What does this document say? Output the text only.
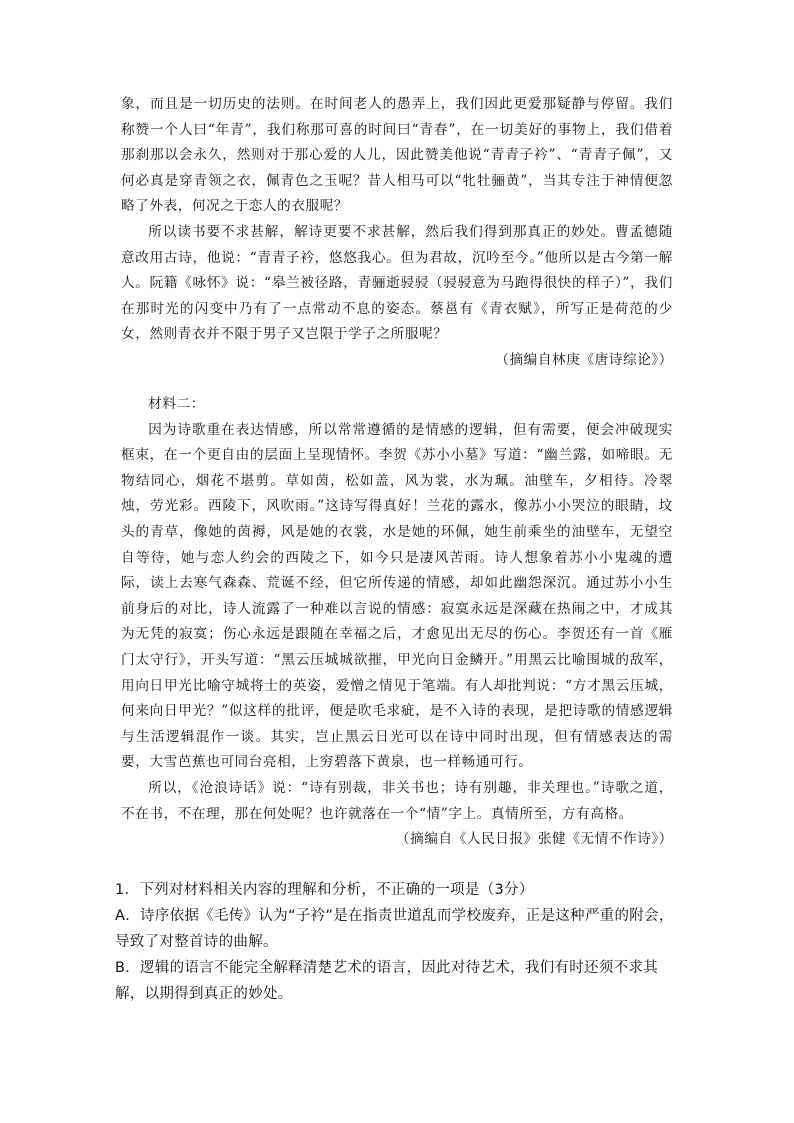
象，而且是一切历史的法则。在时间老人的愚弄上，我们因此更爱那疑静与停留。我们称赞一个人曰“年青”，我们称那可喜的时间曰“青春”，在一切美好的事物上，我们借着那刹那以会永久，然则对于那心爱的人儿，因此赞美他说“青青子衿”、“青青子佩”，又何必真是穿青领之衣，佩青色之玉呢？昔人相马可以“牝牡骊黄”，当其专注于神情便忽略了外表，何况之于恋人的衣服呢？

所以读书要不求甚解，解诗更要不求甚解，然后我们得到那真正的妙处。曹孟德随意改用古诗，他说：“青青子衿，悠悠我心。但为君故，沉吟至今。”他所以是古今第一解人。阮籍《咏怀》说：“皋兰被径路，青骊逝骎骎（骎骎意为马跑得很快的样子）”，我们在那时光的闪变中乃有了一点常动不息的姿态。蔡邕有《青衣赋》，所写正是荷范的少女，然则青衣并不限于男子又岂限于学子之所服呢？

（摘编自林庚《唐诗综论》）

材料二：

因为诗歌重在表达情感，所以常常遵循的是情感的逻辑，但有需要，便会冲破现实框束，在一个更自由的层面上呈现情怀。李贺《苏小小墓》写道：“幽兰露，如啼眼。无物结同心，烟花不堪剪。草如茵，松如盖，风为裳，水为珮。油壁车，夕相待。冷翠烛，劳光彩。西陵下，风吹雨。”这诗写得真好！兰花的露水，像苏小小哭泣的眼睛，坟头的青草，像她的茵褥，风是她的衣裳，水是她的环佩，她生前乘坐的油壁车，无望空自等待，她与恋人约会的西陵之下，如今只是凄风苦雨。诗人想象着苏小小鬼魂的遭际，读上去寒气森森、荒诞不经，但它所传递的情感，却如此幽怨深沉。通过苏小小生前身后的对比，诗人流露了一种难以言说的情感：寂寞永远是深藏在热闹之中，才成其为无凭的寂寞；伤心永远是跟随在幸福之后，才愈见出无尽的伤心。李贺还有一首《雁门太守行》，开头写道：“黑云压城城欲摧，甲光向日金鳞开。”用黑云比喻围城的敌军，用向日甲光比喻守城将士的英姿，爱憎之情见于笔端。有人却批判说：“方才黑云压城，何来向日甲光？”似这样的批评，便是吹毛求疵，是不入诗的表现，是把诗歌的情感逻辑与生活逻辑混作一谈。其实，岂止黑云日光可以在诗中同时出现，但有情感表达的需要，大雪芭蕉也可同台亮相，上穷碧落下黄泉，也一样畅通可行。

所以，《沧浪诗话》说：“诗有别裁，非关书也；诗有别趣，非关理也。”诗歌之道，不在书，不在理，那在何处呢？也许就落在一个“情”字上。真情所至，方有高格。

（摘编自《人民日报》张健《无情不作诗》）

1．下列对材料相关内容的理解和分析，不正确的一项是（3分）

A．诗序依据《毛传》认为“子衿”是在指责世道乱而学校废弃，正是这种严重的附会，导致了对整首诗的曲解。

B．逻辑的语言不能完全解释清楚艺术的语言，因此对待艺术，我们有时还须不求其解，以期得到真正的妙处。
